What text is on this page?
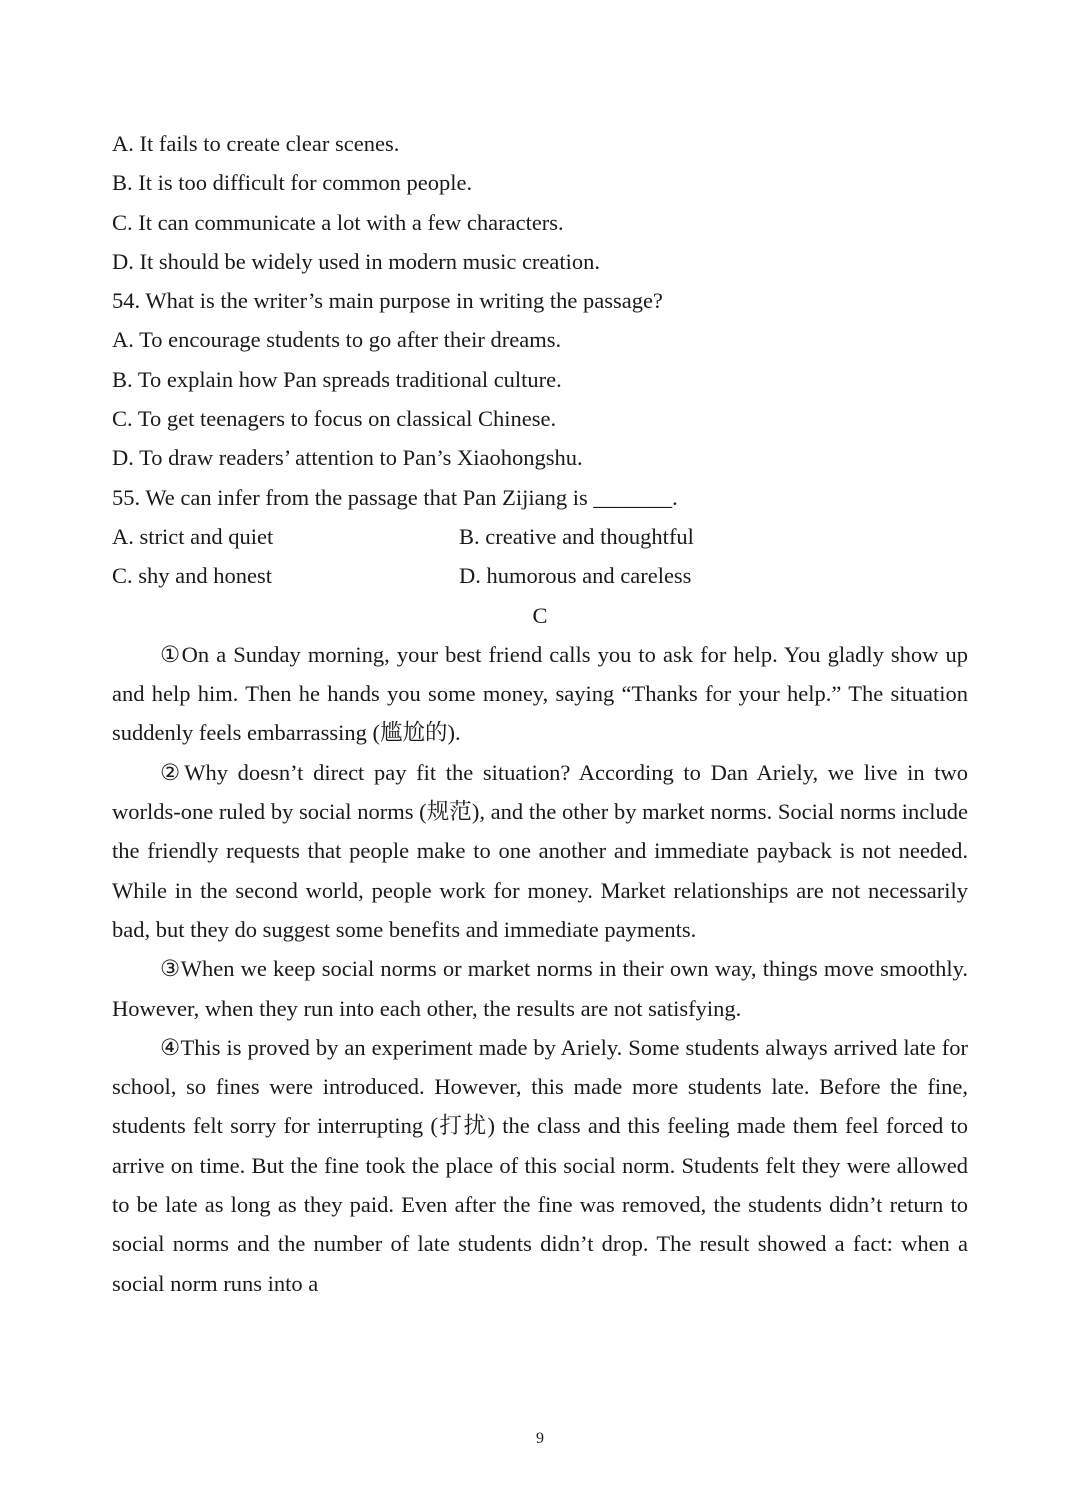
A. It fails to create clear scenes.
B. It is too difficult for common people.
C. It can communicate a lot with a few characters.
D. It should be widely used in modern music creation.
54. What is the writer’s main purpose in writing the passage?
A. To encourage students to go after their dreams.
B. To explain how Pan spreads traditional culture.
C. To get teenagers to focus on classical Chinese.
D. To draw readers’ attention to Pan’s Xiaohongshu.
55. We can infer from the passage that Pan Zijiang is _______.
A. strict and quiet	B. creative and thoughtful
C. shy and honest	D. humorous and careless
C

①On a Sunday morning, your best friend calls you to ask for help. You gladly show up and help him. Then he hands you some money, saying “Thanks for your help.” The situation suddenly feels embarrassing (尴尬的).

②Why doesn’t direct pay fit the situation? According to Dan Ariely, we live in two worlds-one ruled by social norms (规范), and the other by market norms. Social norms include the friendly requests that people make to one another and immediate payback is not needed. While in the second world, people work for money. Market relationships are not necessarily bad, but they do suggest some benefits and immediate payments.

③When we keep social norms or market norms in their own way, things move smoothly. However, when they run into each other, the results are not satisfying.

④This is proved by an experiment made by Ariely. Some students always arrived late for school, so fines were introduced. However, this made more students late. Before the fine, students felt sorry for interrupting (打扰) the class and this feeling made them feel forced to arrive on time. But the fine took the place of this social norm. Students felt they were allowed to be late as long as they paid. Even after the fine was removed, the students didn’t return to social norms and the number of late students didn’t drop. The result showed a fact: when a social norm runs into a

9
